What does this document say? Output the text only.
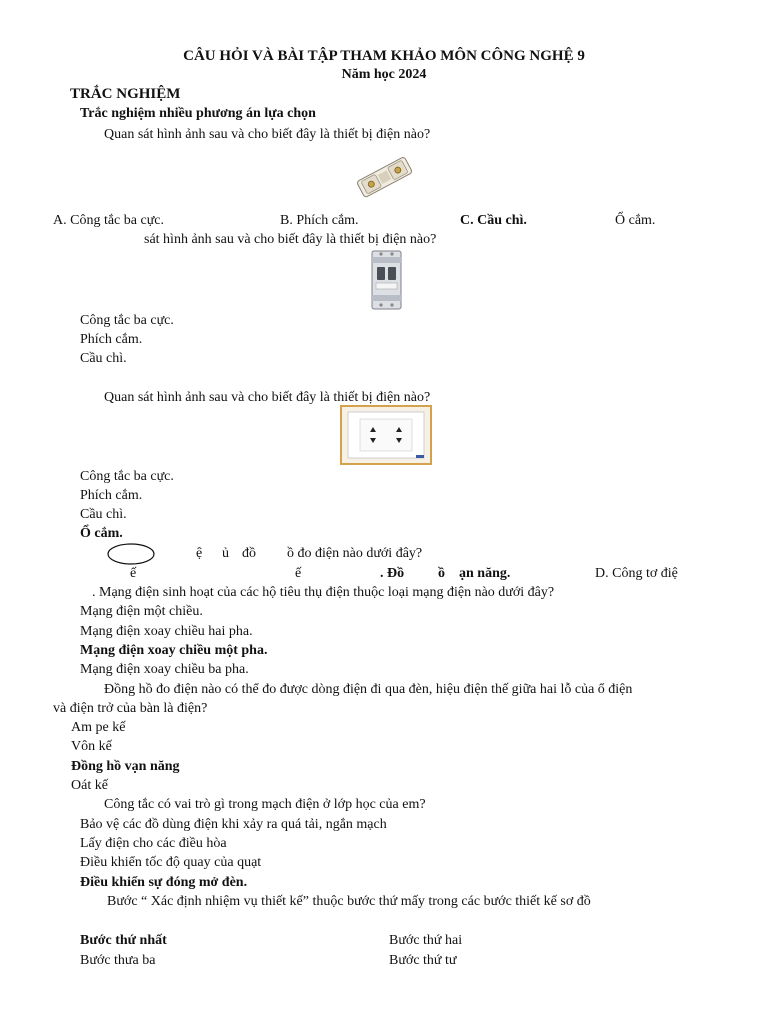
CÂU HỎI VÀ BÀI TẬP THAM KHẢO MÔN CÔNG NGHỆ 9
Năm học 2024
TRẮC NGHIỆM
Trắc nghiệm nhiều phương án lựa chọn
Quan sát hình ảnh sau và cho biết đây là thiết bị điện nào?
A. Công tắc ba cực.	B. Phích cắm.	C. Cầu chì.	Ổ cắm.
sát hình ảnh sau và cho biết đây là thiết bị điện nào?
Công tắc ba cực.
Phích cắm.
Cầu chì.
Quan sát hình ảnh sau và cho biết đây là thiết bị điện nào?
Công tắc ba cực.
Phích cắm.
Cầu chì.
Ổ cắm.
ệ ủ đồ ồ đo điện nào dưới đây?
ế	ế	. Đồ ồ ạn năng.	D. Công tơ điệ
. Mạng điện sinh hoạt của các hộ tiêu thụ điện thuộc loại mạng điện nào dưới đây?
Mạng điện một chiều.
Mạng điện xoay chiều hai pha.
Mạng điện xoay chiều một pha.
Mạng điện xoay chiều ba pha.
Đồng hồ đo điện nào có thể đo được dòng điện đi qua đèn, hiệu điện thế giữa hai lỗ của ổ điện
và điện trở của bàn là điện?
Am pe kế
Vôn kế
Đồng hồ vạn năng
Oát kế
Công tắc có vai trò gì trong mạch điện ở lớp học của em?
Bảo vệ các đồ dùng điện khi xảy ra quá tải, ngắn mạch
Lấy điện cho các điều hòa
Điều khiển tốc độ quay của quạt
Điều khiển sự đóng mở đèn.
Bước “ Xác định nhiệm vụ thiết kế” thuộc bước thứ mấy trong các bước thiết kế sơ đồ
Bước thứ nhất	Bước thứ hai
Bước thưa ba	Bước thứ tư
